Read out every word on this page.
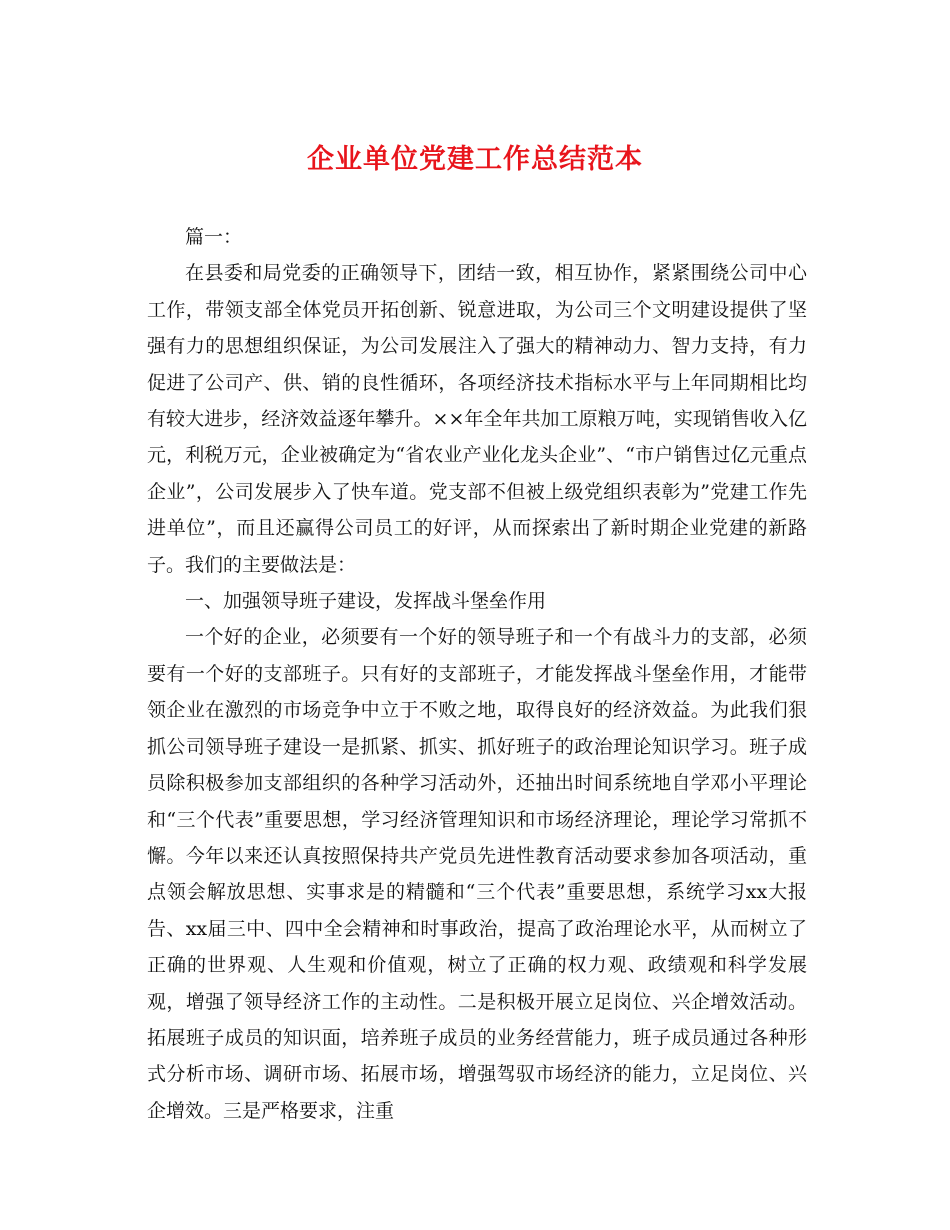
企业单位党建工作总结范本

篇一：

在县委和局党委的正确领导下，团结一致，相互协作，紧紧围绕公司中心工作，带领支部全体党员开拓创新、锐意进取，为公司三个文明建设提供了坚强有力的思想组织保证，为公司发展注入了强大的精神动力、智力支持，有力促进了公司产、供、销的良性循环，各项经济技术指标水平与上年同期相比均有较大进步，经济效益逐年攀升。××年全年共加工原粮万吨，实现销售收入亿元，利税万元，企业被确定为“省农业产业化龙头企业”、“市户销售过亿元重点企业”，公司发展步入了快车道。党支部不但被上级党组织表彰为”党建工作先进单位”，而且还赢得公司员工的好评，从而探索出了新时期企业党建的新路子。我们的主要做法是：

一、加强领导班子建设，发挥战斗堡垒作用

一个好的企业，必须要有一个好的领导班子和一个有战斗力的支部，必须要有一个好的支部班子。只有好的支部班子，才能发挥战斗堡垒作用，才能带领企业在激烈的市场竞争中立于不败之地，取得良好的经济效益。为此我们狠抓公司领导班子建设一是抓紧、抓实、抓好班子的政治理论知识学习。班子成员除积极参加支部组织的各种学习活动外，还抽出时间系统地自学邓小平理论和“三个代表”重要思想，学习经济管理知识和市场经济理论，理论学习常抓不懈。今年以来还认真按照保持共产党员先进性教育活动要求参加各项活动，重点领会解放思想、实事求是的精髓和“三个代表”重要思想，系统学习xx大报告、xx届三中、四中全会精神和时事政治，提高了政治理论水平，从而树立了正确的世界观、人生观和价值观，树立了正确的权力观、政绩观和科学发展观，增强了领导经济工作的主动性。二是积极开展立足岗位、兴企增效活动。拓展班子成员的知识面，培养班子成员的业务经营能力，班子成员通过各种形式分析市场、调研市场、拓展市场，增强驾驭市场经济的能力，立足岗位、兴企增效。三是严格要求，注重
